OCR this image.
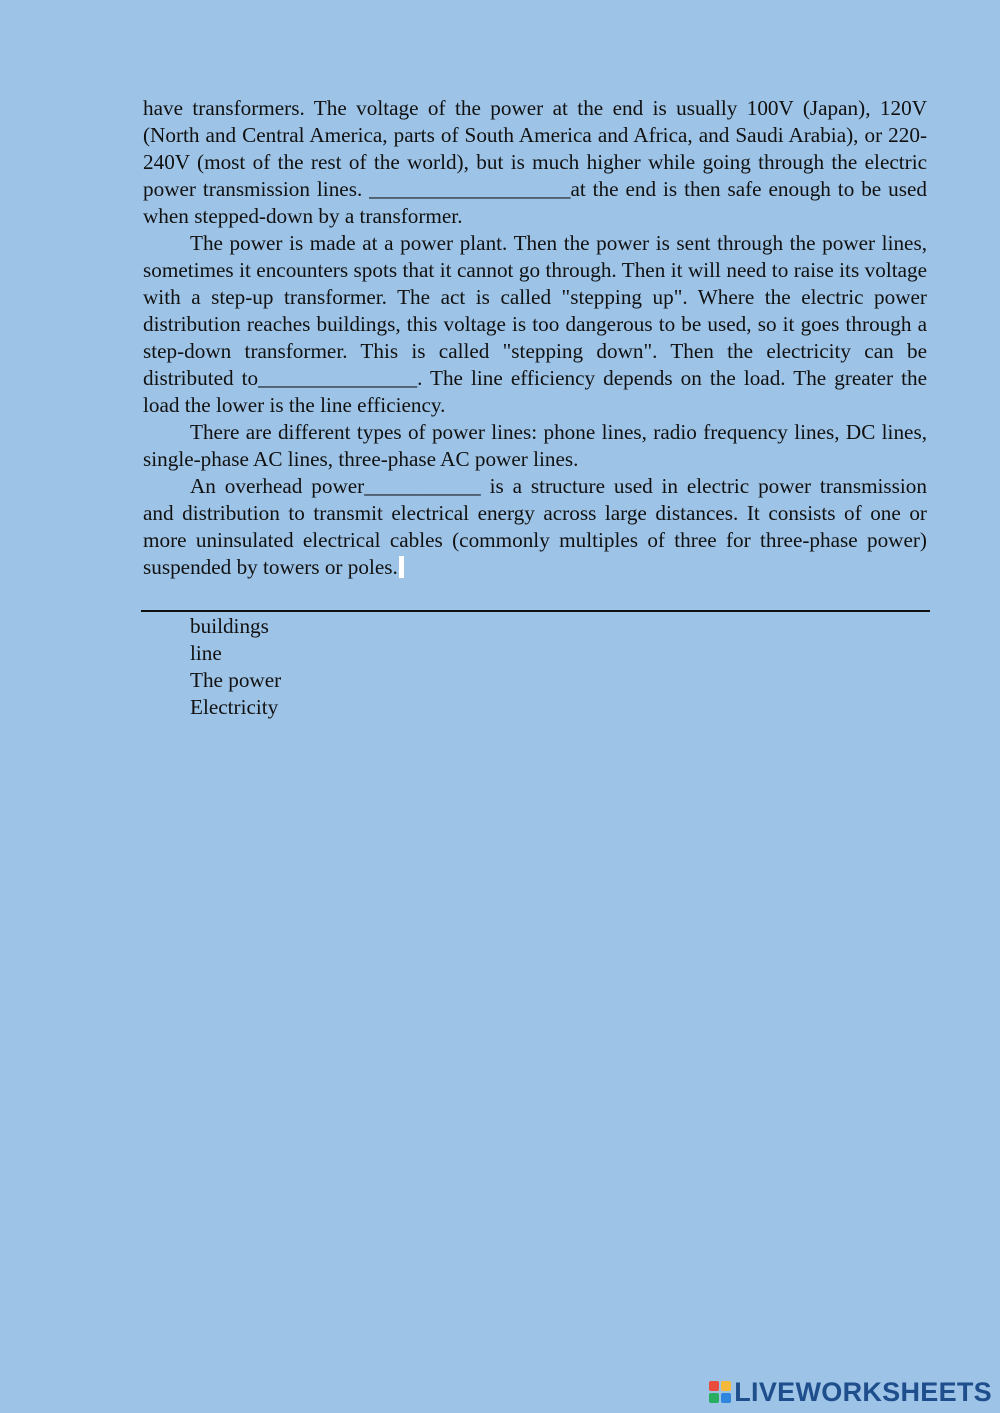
have transformers. The voltage of the power at the end is usually 100V (Japan), 120V (North and Central America, parts of South America and Africa, and Saudi Arabia), or 220-240V (most of the rest of the world), but is much higher while going through the electric power transmission lines. ___________________at the end is then safe enough to be used when stepped-down by a transformer.

The power is made at a power plant. Then the power is sent through the power lines, sometimes it encounters spots that it cannot go through. Then it will need to raise its voltage with a step-up transformer. The act is called "stepping up". Where the electric power distribution reaches buildings, this voltage is too dangerous to be used, so it goes through a step-down transformer. This is called "stepping down". Then the electricity can be distributed to_______________. The line efficiency depends on the load. The greater the load the lower is the line efficiency.

There are different types of power lines: phone lines, radio frequency lines, DC lines, single-phase AC lines, three-phase AC power lines.

An overhead power___________ is a structure used in electric power transmission and distribution to transmit electrical energy across large distances. It consists of one or more uninsulated electrical cables (commonly multiples of three for three-phase power) suspended by towers or poles.

buildings
line
The power
Electricity
LIVEWORKSHEETS
